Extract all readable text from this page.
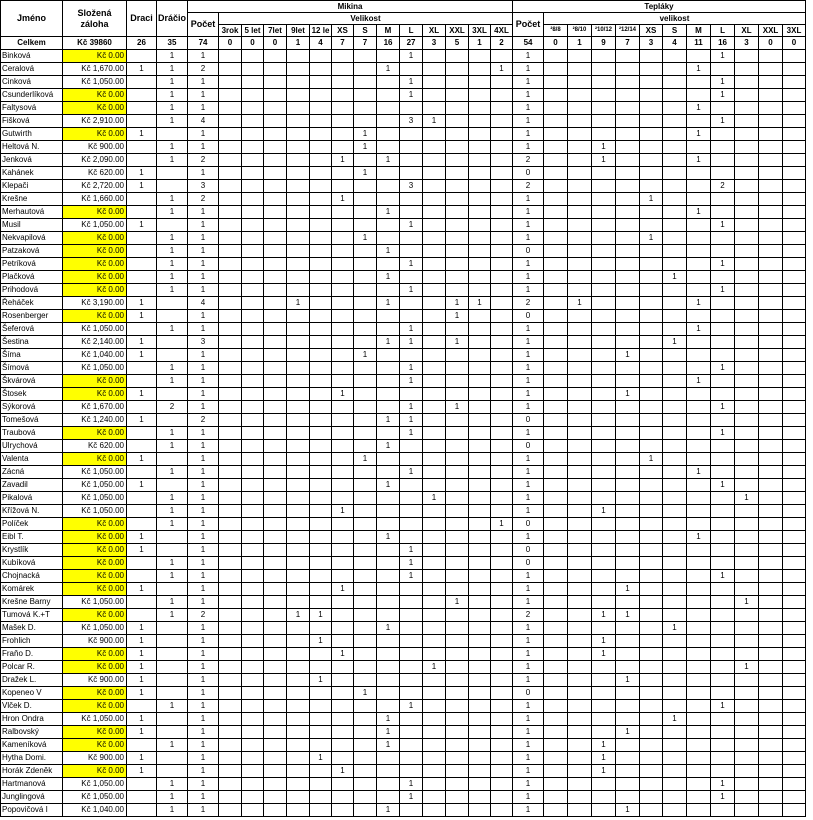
Jméno	Složená záloha	Draci	Dráčio	Mikina														Tepláky											
				Počet	Velikost													Počet	velikost										
					3rok	5 let	7let	9let	12 le	XS	S	M	L	XL	XXL	3XL	4XL		²8/8	²8/10	²10/12	²12/14	XS	S	M	L	XL	XXL	3XL
Celkem	Kč 39860	26	35	74	0	0	0	1	4	7	7	16	27	3	5	1	2	54	0	1	9	7	3	4	11	16	3	0	0
Binková	Kč 0.00		1	1									1					1								1			
Ceralová	Kč 1,670.00	1	1	2								1					1	1							1				
Cinková	Kč 1,050.00		1	1									1					1								1			
Csunderlíková	Kč 0.00		1	1									1					1								1			
Faltysová	Kč 0.00		1	1														1							1				
Fišková	Kč 2,910.00		1	4									3	1				1								1			
Gutwirth	Kč 0.00	1		1							1							1							1				
Heltová N.	Kč 900.00		1	1							1							1			1								
Jenková	Kč 2,090.00		1	2						1		1						2			1				1				
Kahánek	Kč 620.00	1		1							1							0											
Klepači	Kč 2,720.00	1		3									3					2								2			
Krešne	Kč 1,660.00		1	2						1								1					1						
Merhautová	Kč 0.00		1	1								1						1							1				
Musil	Kč 1,050.00	1		1									1					1								1			
Nekvapilová	Kč 0.00		1	1							1							1					1						
Patzaková	Kč 0.00		1	1								1						0											
Petríková	Kč 0.00		1	1									1					1								1			
Plačková	Kč 0.00		1	1								1						1						1					
Prihodová	Kč 0.00		1	1									1					1								1			
Řeháček	Kč 3,190.00	1		4				1				1			1	1		2		1					1				
Rosenberger	Kč 0.00	1		1											1			0											
Šeferová	Kč 1,050.00		1	1									1					1							1				
Šestina	Kč 2,140.00	1		3								1	1		1			1						1					
Šíma	Kč 1,040.00	1		1							1							1				1							
Šímová	Kč 1,050.00		1	1									1					1								1			
Škvárová	Kč 0.00		1	1									1					1							1				
Štosek	Kč 0.00	1		1						1								1				1							
Sýkorová	Kč 1,670.00		2	1									1		1			1								1			
Tomešová	Kč 1,240.00	1		2								1	1					0											
Traubová	Kč 0.00		1	1									1					1								1			
Ulrychová	Kč 620.00		1	1								1						0											
Valenta	Kč 0.00	1		1							1							1					1						
Zácná	Kč 1,050.00		1	1									1					1							1				
Zavadil	Kč 1,050.00	1		1								1						1								1			
Pikalová	Kč 1,050.00		1	1										1				1									1		
Křížová N.	Kč 1,050.00		1	1						1								1			1								
Políček	Kč 0.00		1	1													1	0											
Eibl T.	Kč 0.00	1		1								1						1							1				
Krystlík	Kč 0.00	1		1									1					0											
Kubíková	Kč 0.00		1	1									1					0											
Chojnacká	Kč 0.00		1	1									1					1								1			
Komárek	Kč 0.00	1		1						1								1				1							
Krešne Barny	Kč 1,050.00		1	1											1			1									1		
Tumová K.+T	Kč 0.00		1	2				1	1									2			1	1							
Mašek D.	Kč 1,050.00	1		1								1						1						1					
Frohlich	Kč 900.00	1		1					1									1			1								
Fraňo D.	Kč 0.00	1		1						1								1			1								
Polcar R.	Kč 0.00	1		1										1				1									1		
Dražek L.	Kč 900.00	1		1					1									1				1							
Kopeneo V	Kč 0.00	1		1							1							0											
Vlček D.	Kč 0.00		1	1									1					1								1			
Hron Ondra	Kč 1,050.00	1		1								1						1						1					
Ralbovský	Kč 0.00	1		1								1						1				1							
Kameníková	Kč 0.00		1	1								1						1			1								
Hytha Domi.	Kč 900.00	1		1					1									1			1								
Horák Zdeněk	Kč 0.00	1		1						1								1			1								
Hartmanová	Kč 1,050.00		1	1									1					1								1			
Junglingová	Kč 1,050.00		1	1									1					1								1			
Popovičová I	Kč 1,040.00		1	1								1						1				1							
